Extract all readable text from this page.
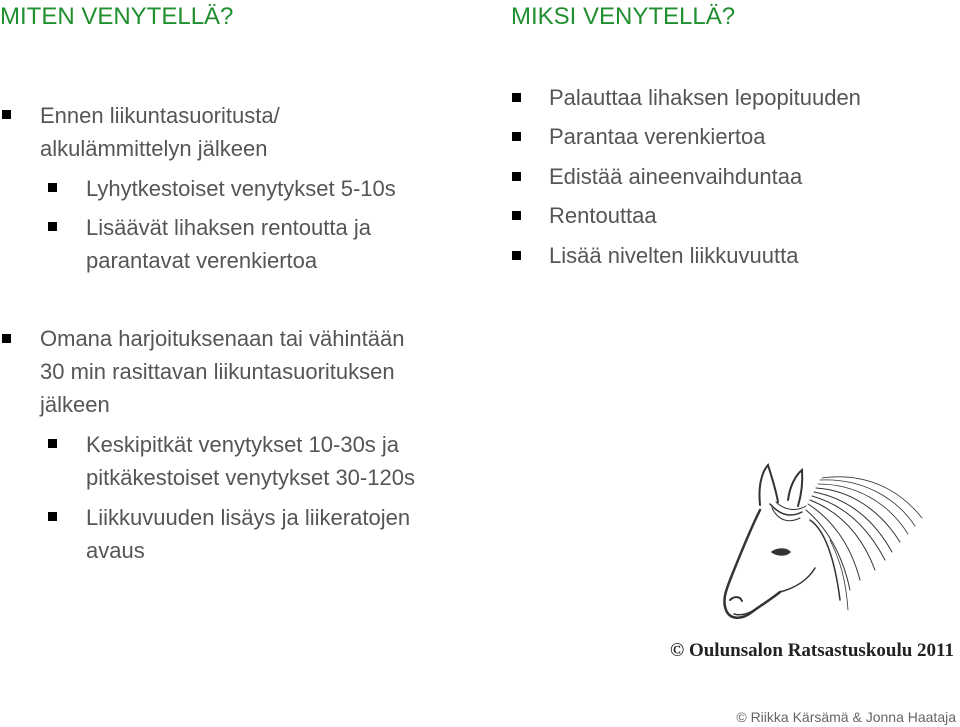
MITEN VENYTELLÄ?	MIKSI VENYTELLÄ?
Ennen liikuntasuoritusta/
alkulämmittelyn jälkeen
Lyhytkestoiset venytykset 5-10s
Lisäävät lihaksen rentoutta ja
parantavat verenkiertoa
Palauttaa lihaksen lepopituuden
Parantaa verenkiertoa
Edistää aineenvaihduntaa
Rentouttaa
Lisää nivelten liikkuvuutta
Omana harjoituksenaan tai vähintään
30 min rasittavan liikuntasuorituksen
jälkeen
Keskipitkät venytykset 10-30s ja
pitkäkestoiset venytykset 30-120s
Liikkuvuuden lisäys ja liikeratojen
avaus
© Oulunsalon Ratsastuskoulu 2011
© Riikka Kärsämä & Jonna Haataja
